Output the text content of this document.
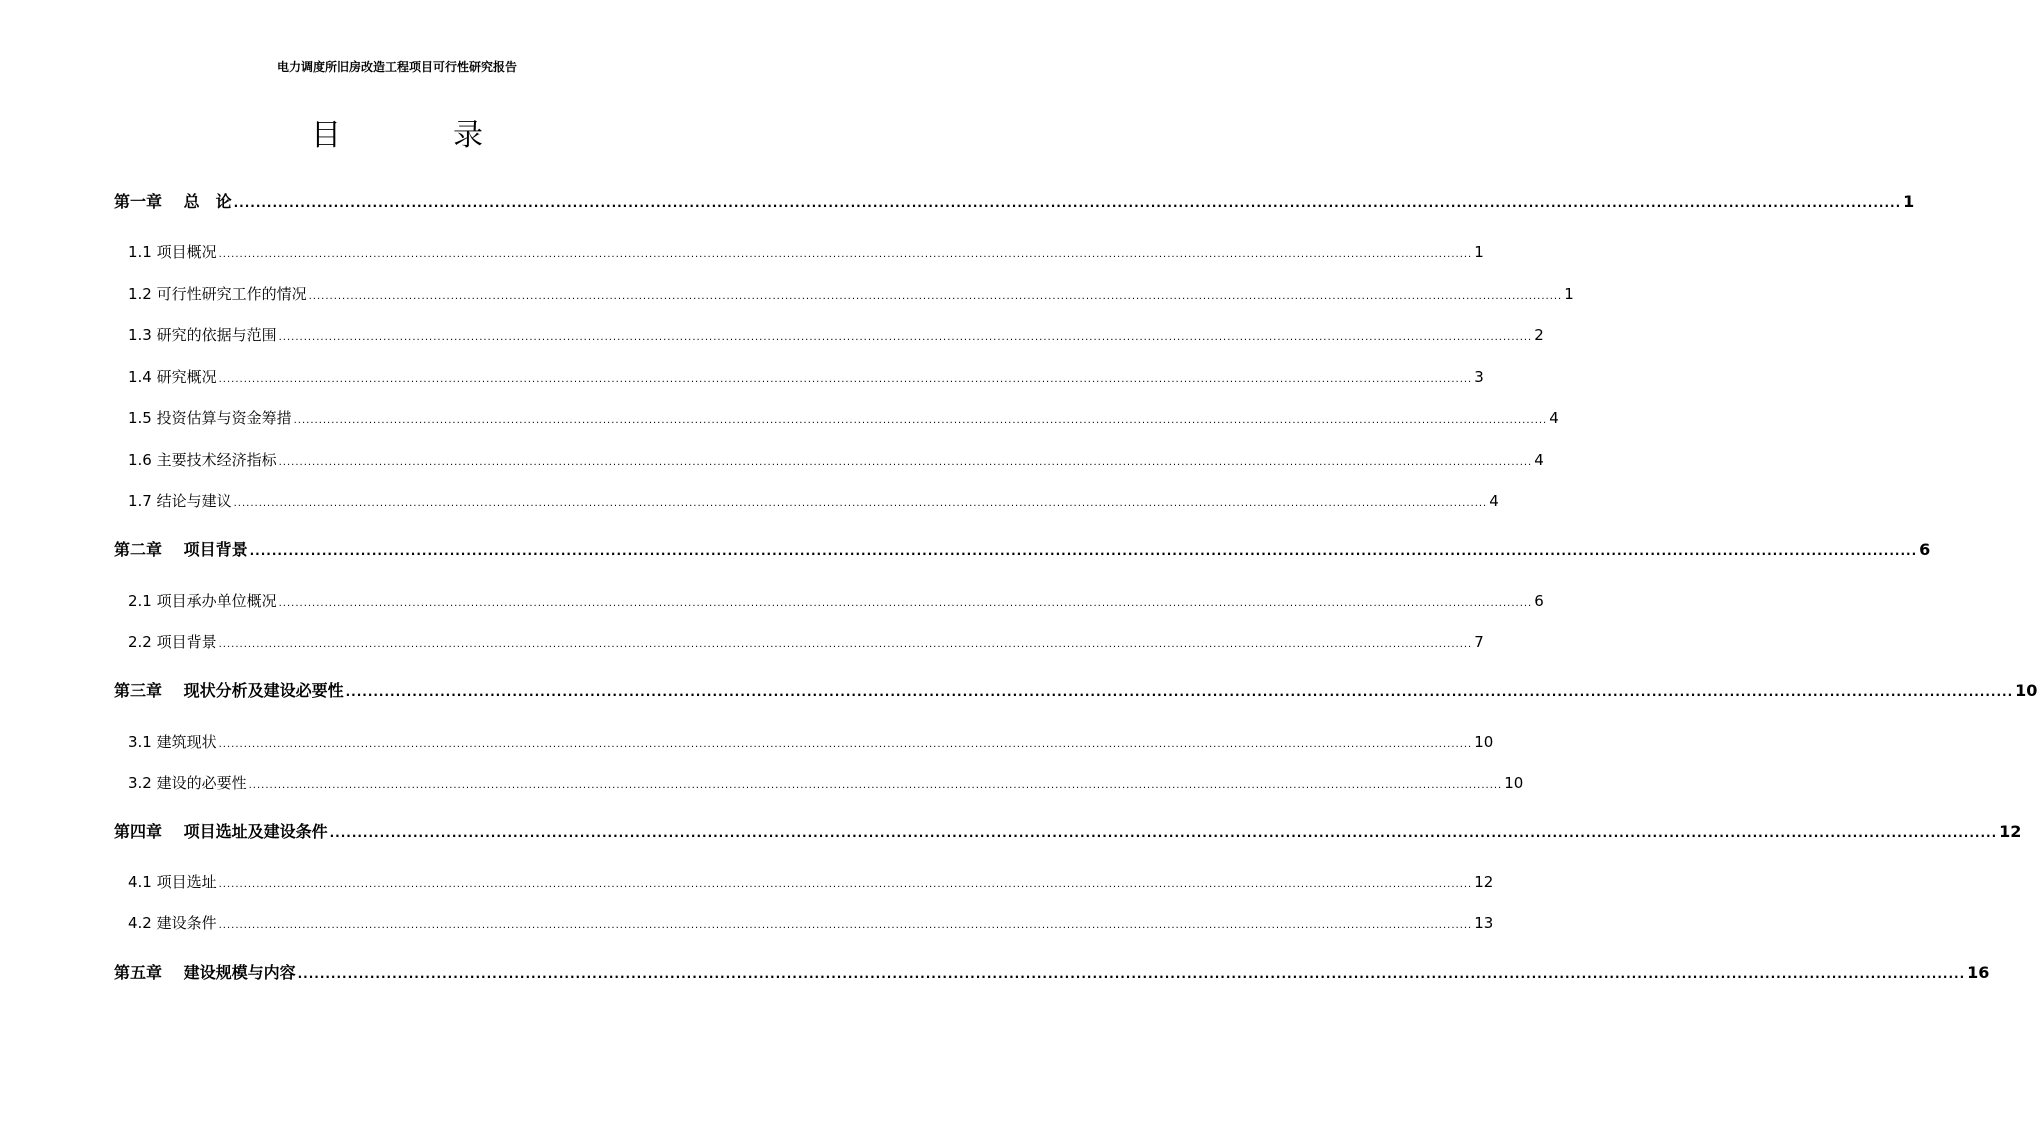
电力调度所旧房改造工程项目可行性研究报告
目	录
第一章　 总　论 ............................................................................................................................................................................................................................................................................................................ 1
1.1 项目概况 ............................................................................................................................................................................................................................................................................................................ 1
1.2 可行性研究工作的情况 ............................................................................................................................................................................................................................................................................................................ 1
1.3 研究的依据与范围 ............................................................................................................................................................................................................................................................................................................ 2
1.4 研究概况 ............................................................................................................................................................................................................................................................................................................ 3
1.5 投资估算与资金筹措 ............................................................................................................................................................................................................................................................................................................ 4
1.6 主要技术经济指标 ............................................................................................................................................................................................................................................................................................................ 4
1.7 结论与建议 ............................................................................................................................................................................................................................................................................................................ 4
第二章　 项目背景 ............................................................................................................................................................................................................................................................................................................ 6
2.1 项目承办单位概况 ............................................................................................................................................................................................................................................................................................................ 6
2.2 项目背景 ............................................................................................................................................................................................................................................................................................................ 7
第三章　 现状分析及建设必要性 ............................................................................................................................................................................................................................................................................................................ 10
3.1 建筑现状 ............................................................................................................................................................................................................................................................................................................ 10
3.2 建设的必要性 ............................................................................................................................................................................................................................................................................................................ 10
第四章　 项目选址及建设条件 ............................................................................................................................................................................................................................................................................................................ 12
4.1 项目选址 ............................................................................................................................................................................................................................................................................................................ 12
4.2 建设条件 ............................................................................................................................................................................................................................................................................................................ 13
第五章　 建设规模与内容 ............................................................................................................................................................................................................................................................................................................ 16
